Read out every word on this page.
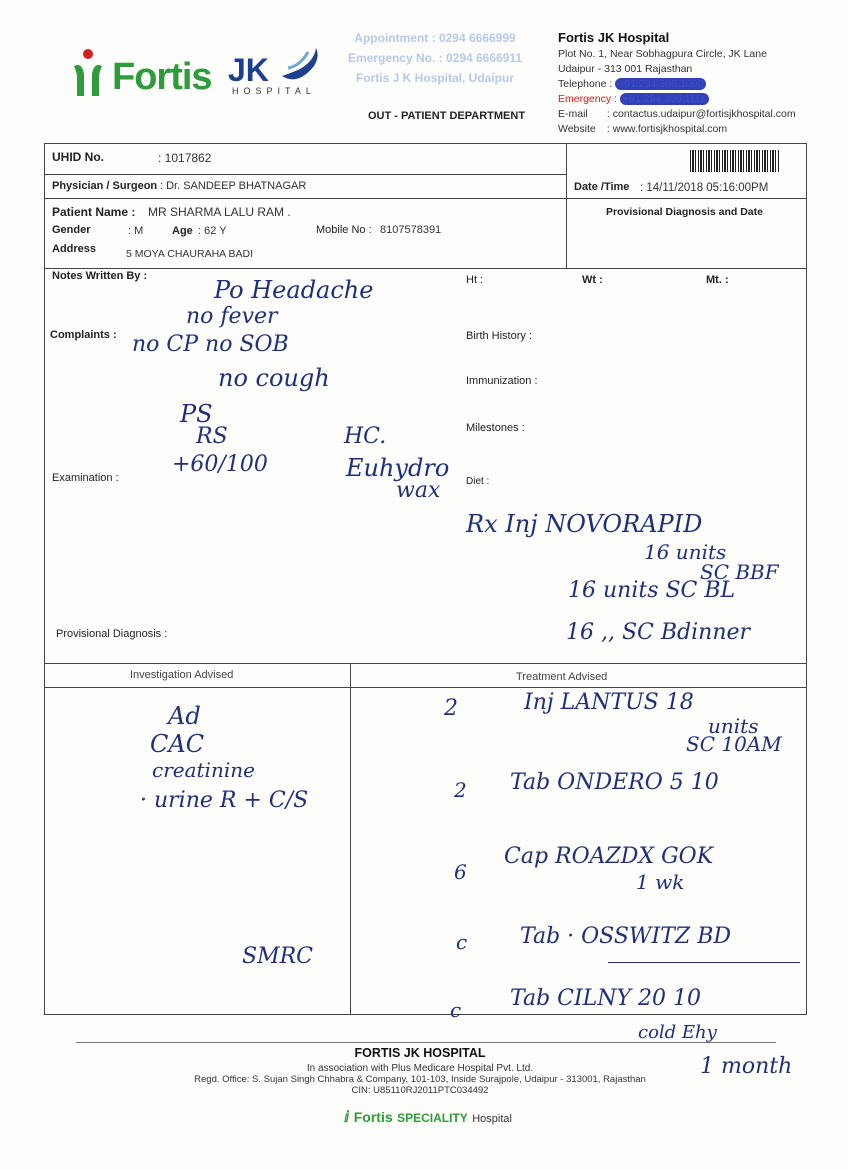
Fortis JK
HOSPITAL
Appointment : 0294 6666999
Emergency No. : 0294 6666911
Fortis J K Hospital, Udaipur
OUT - PATIENT DEPARTMENT
Fortis JK Hospital
Plot No. 1, Near Sobhagpura Circle, JK Lane
Udaipur - 313 001 Rajasthan
Telephone : +91 294 306 1000
Emergency : +91 294 306 1111
E-mail : contactus.udaipur@fortisjkhospital.com
Website : www.fortisjkhospital.com
UHID No.	: 1017862
Physician / Surgeon : Dr. SANDEEP BHATNAGAR	Date /Time : 14/11/2018 05:16:00PM
Patient Name : MR SHARMA LALU RAM .	Provisional Diagnosis and Date
Gender	: M	Age : 62 Y	Mobile No : 8107578391
Address	5 MOYA CHAURAHA BADI
Notes Written By :	Ht :	Wt :	Mt. :
Complaints :	Birth History :
Immunization :
Milestones :
Examination :	Diet :
Provisional Diagnosis :
Investigation Advised	Treatment Advised
Po Headache
no fever
no CP no SOB
no cough
PS
RS
+60/100
HC.
Euhydro
wax
Rx Inj NOVORAPID
16 units
SC BBF
16 units SC BL
16 ,, SC Bdinner
Ad
CAC
creatinine
· urine R + C/S
SMRC
2	Inj LANTUS 18
units
SC 10AM
2 Tab ONDERO 5 10
6
Cap ROAZDX GOK
1 wk
c Tab · OSSWITZ BD
c Tab CILNY 20 10
cold Ehy
1 month
FORTIS JK HOSPITAL
In association with Plus Medicare Hospital Pvt. Ltd.
Regd. Office: S. Sujan Singh Chhabra & Company, 101-103, Inside Surajpole, Udaipur - 313001, Rajasthan
CIN: U85110RJ2011PTC034492
ⅈ Fortis SPECIALITY Hospital
